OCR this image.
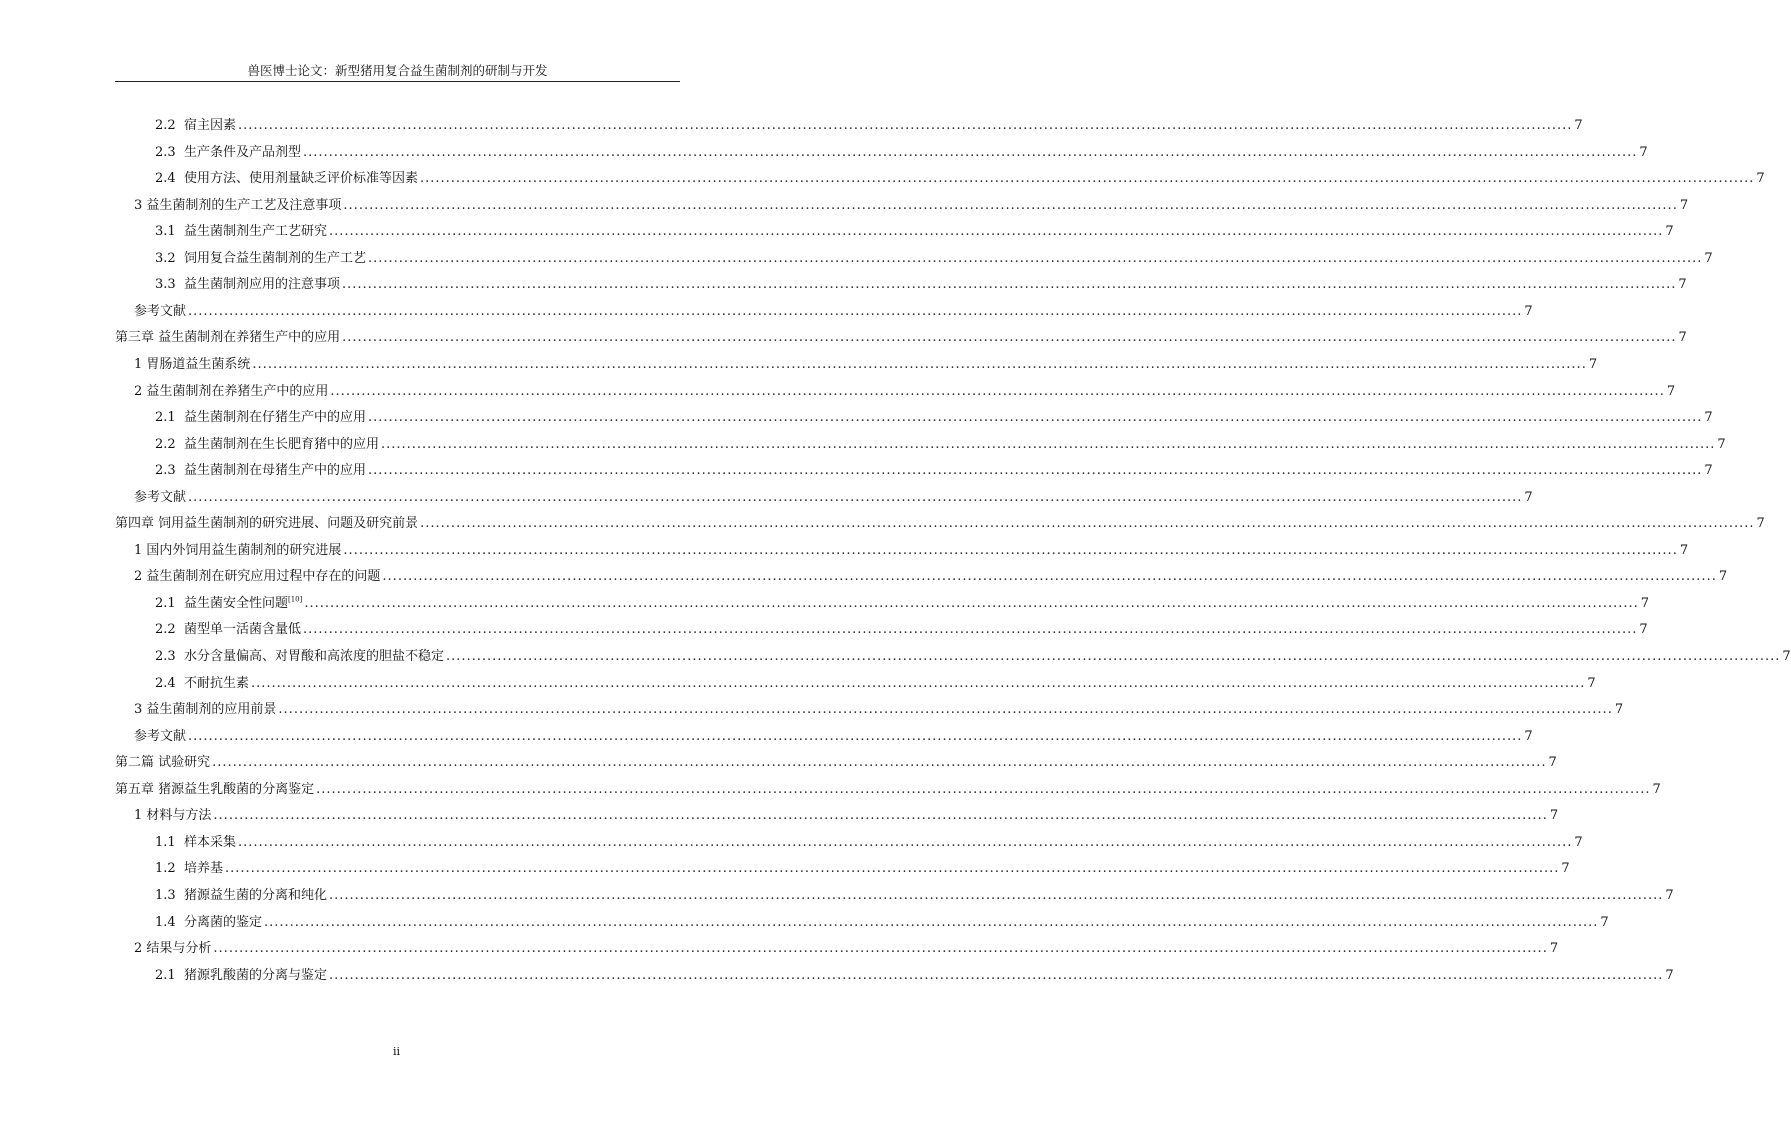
兽医博士论文：新型猪用复合益生菌制剂的研制与开发
2.2 宿主因素 .................................................................................................................................................................................................................................................................... 7
2.3 生产条件及产品剂型 .................................................................................................................................................................................................................................................................... 7
2.4 使用方法、使用剂量缺乏评价标准等因素 .................................................................................................................................................................................................................................................................... 7
3 益生菌制剂的生产工艺及注意事项 .................................................................................................................................................................................................................................................................... 7
3.1 益生菌制剂生产工艺研究 .................................................................................................................................................................................................................................................................... 7
3.2 饲用复合益生菌制剂的生产工艺 .................................................................................................................................................................................................................................................................... 7
3.3 益生菌制剂应用的注意事项 .................................................................................................................................................................................................................................................................... 7
参考文献 .................................................................................................................................................................................................................................................................... 7
第三章 益生菌制剂在养猪生产中的应用 .................................................................................................................................................................................................................................................................... 7
1 胃肠道益生菌系统 .................................................................................................................................................................................................................................................................... 7
2 益生菌制剂在养猪生产中的应用 .................................................................................................................................................................................................................................................................... 7
2.1 益生菌制剂在仔猪生产中的应用 .................................................................................................................................................................................................................................................................... 7
2.2 益生菌制剂在生长肥育猪中的应用 .................................................................................................................................................................................................................................................................... 7
2.3 益生菌制剂在母猪生产中的应用 .................................................................................................................................................................................................................................................................... 7
参考文献 .................................................................................................................................................................................................................................................................... 7
第四章 饲用益生菌制剂的研究进展、问题及研究前景 .................................................................................................................................................................................................................................................................... 7
1 国内外饲用益生菌制剂的研究进展 .................................................................................................................................................................................................................................................................... 7
2 益生菌制剂在研究应用过程中存在的问题 .................................................................................................................................................................................................................................................................... 7
2.1 益生菌安全性问题[10] .................................................................................................................................................................................................................................................................... 7
2.2 菌型单一活菌含量低 .................................................................................................................................................................................................................................................................... 7
2.3 水分含量偏高、对胃酸和高浓度的胆盐不稳定 .................................................................................................................................................................................................................................................................... 7
2.4 不耐抗生素 .................................................................................................................................................................................................................................................................... 7
3 益生菌制剂的应用前景 .................................................................................................................................................................................................................................................................... 7
参考文献 .................................................................................................................................................................................................................................................................... 7
第二篇 试验研究 .................................................................................................................................................................................................................................................................... 7
第五章 猪源益生乳酸菌的分离鉴定 .................................................................................................................................................................................................................................................................... 7
1 材料与方法 .................................................................................................................................................................................................................................................................... 7
1.1 样本采集 .................................................................................................................................................................................................................................................................... 7
1.2 培养基 .................................................................................................................................................................................................................................................................... 7
1.3 猪源益生菌的分离和纯化 .................................................................................................................................................................................................................................................................... 7
1.4 分离菌的鉴定 .................................................................................................................................................................................................................................................................... 7
2 结果与分析 .................................................................................................................................................................................................................................................................... 7
2.1 猪源乳酸菌的分离与鉴定 .................................................................................................................................................................................................................................................................... 7
ii
